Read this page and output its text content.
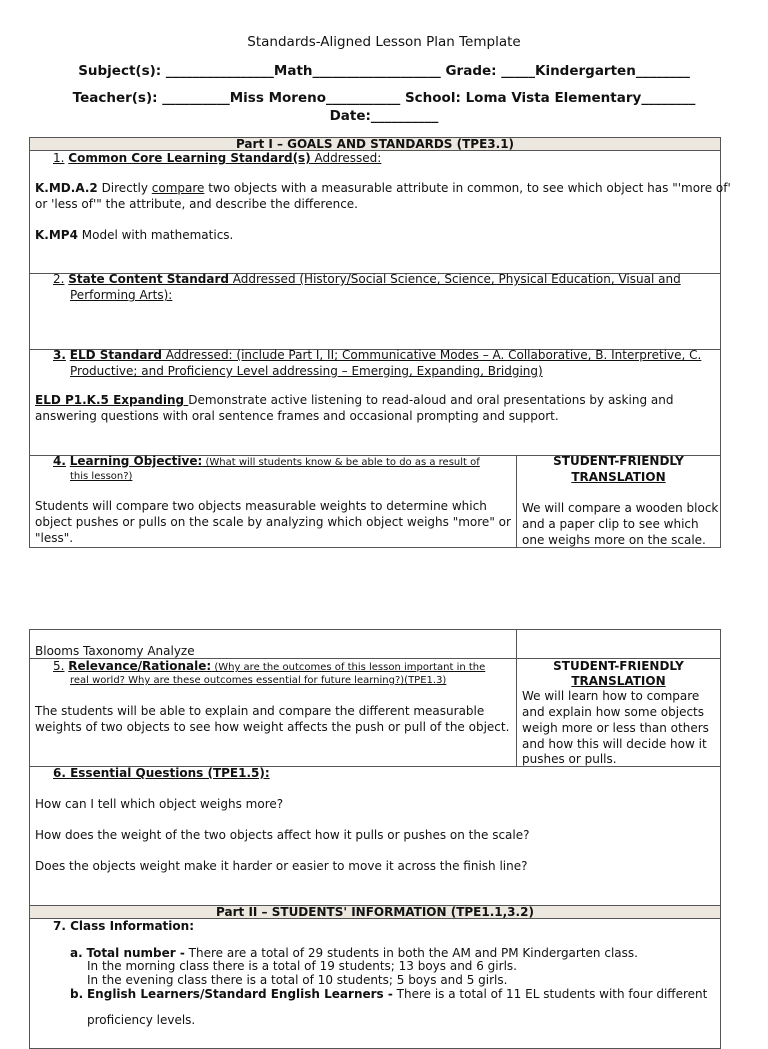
Standards-Aligned Lesson Plan Template
Subject(s): ________________Math___________________ Grade: _____Kindergarten________
Teacher(s): __________Miss Moreno___________ School: Loma Vista Elementary________
Date:__________
Part I – GOALS AND STANDARDS (TPE3.1)
1. Common Core Learning Standard(s) Addressed:
K.MD.A.2 Directly compare two objects with a measurable attribute in common, to see which object has "'more of'
or 'less of'" the attribute, and describe the difference.
K.MP4 Model with mathematics.
2. State Content Standard Addressed (History/Social Science, Science, Physical Education, Visual and
Performing Arts):
3. ELD Standard Addressed: (include Part I, II; Communicative Modes – A. Collaborative, B. Interpretive, C.
Productive; and Proficiency Level addressing – Emerging, Expanding, Bridging)
ELD P1.K.5 Expanding Demonstrate active listening to read-aloud and oral presentations by asking and
answering questions with oral sentence frames and occasional prompting and support.
4. Learning Objective: (What will students know & be able to do as a result of
this lesson?)
Students will compare two objects measurable weights to determine which
object pushes or pulls on the scale by analyzing which object weighs "more" or
"less".
STUDENT-FRIENDLY
TRANSLATION
We will compare a wooden block
and a paper clip to see which
one weighs more on the scale.
Blooms Taxonomy Analyze
5. Relevance/Rationale: (Why are the outcomes of this lesson important in the
real world? Why are these outcomes essential for future learning?)(TPE1.3)
The students will be able to explain and compare the different measurable
weights of two objects to see how weight affects the push or pull of the object.
STUDENT-FRIENDLY
TRANSLATION
We will learn how to compare
and explain how some objects
weigh more or less than others
and how this will decide how it
pushes or pulls.
6. Essential Questions (TPE1.5):
How can I tell which object weighs more?
How does the weight of the two objects affect how it pulls or pushes on the scale?
Does the objects weight make it harder or easier to move it across the finish line?
Part II – STUDENTS' INFORMATION (TPE1.1,3.2)
7. Class Information:
a. Total number - There are a total of 29 students in both the AM and PM Kindergarten class.
In the morning class there is a total of 19 students; 13 boys and 6 girls.
In the evening class there is a total of 10 students; 5 boys and 5 girls.
b. English Learners/Standard English Learners - There is a total of 11 EL students with four different
proficiency levels.
